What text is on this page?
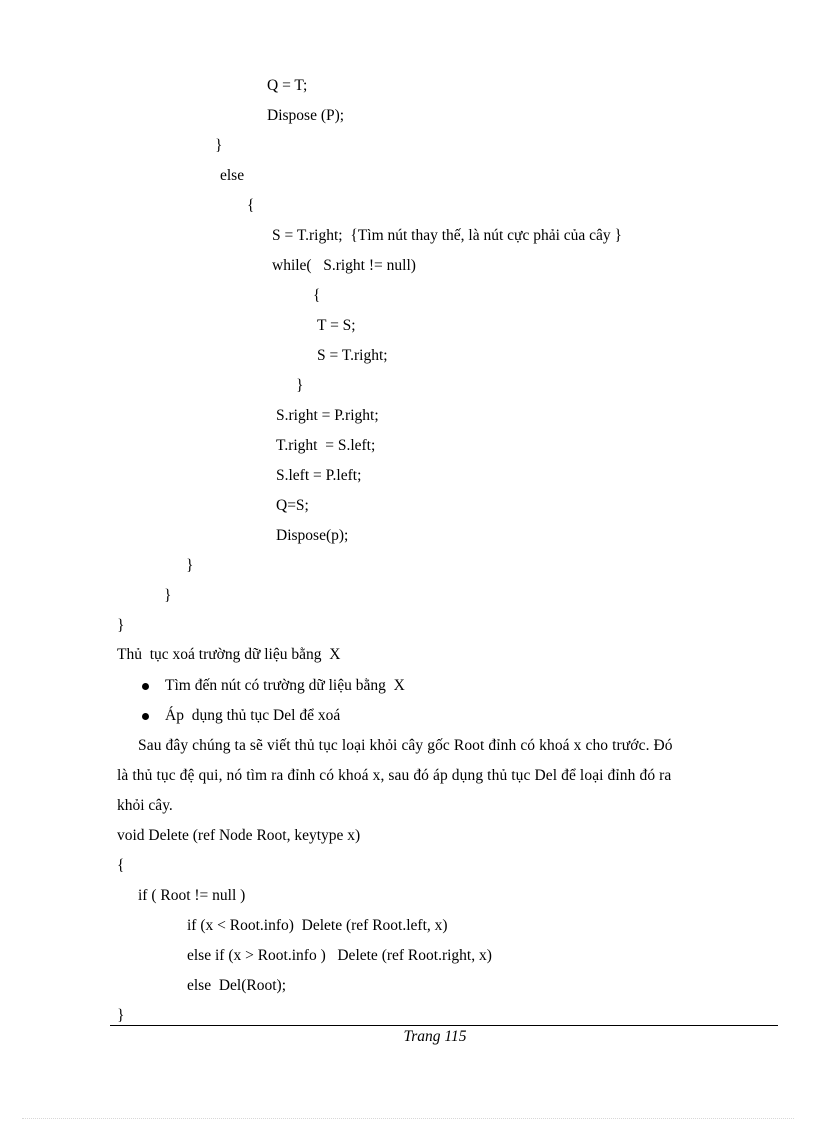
Q = T;
Dispose (P);
}
else
{
S = T.right;  {Tìm nút thay thế, là nút cực phải của cây }
while(   S.right != null)
{
T = S;
S = T.right;
}
S.right = P.right;
T.right  = S.left;
S.left = P.left;
Q=S;
Dispose(p);
}
}
}
Thủ  tục xoá trường dữ liệu bằng  X
Tìm đến nút có trường dữ liệu bằng  X
Áp  dụng thủ tục Del để xoá
Sau đây chúng ta sẽ viết thủ tục loại khỏi cây gốc Root đỉnh có khoá x cho trước. Đó
là thủ tục đệ qui, nó tìm ra đỉnh có khoá x, sau đó áp dụng thủ tục Del để loại đỉnh đó ra
khỏi cây.
void Delete (ref Node Root, keytype x)
{
if ( Root != null )
if (x < Root.info)  Delete (ref Root.left, x)
else if (x > Root.info )   Delete (ref Root.right, x)
else  Del(Root);
}
Trang 115
